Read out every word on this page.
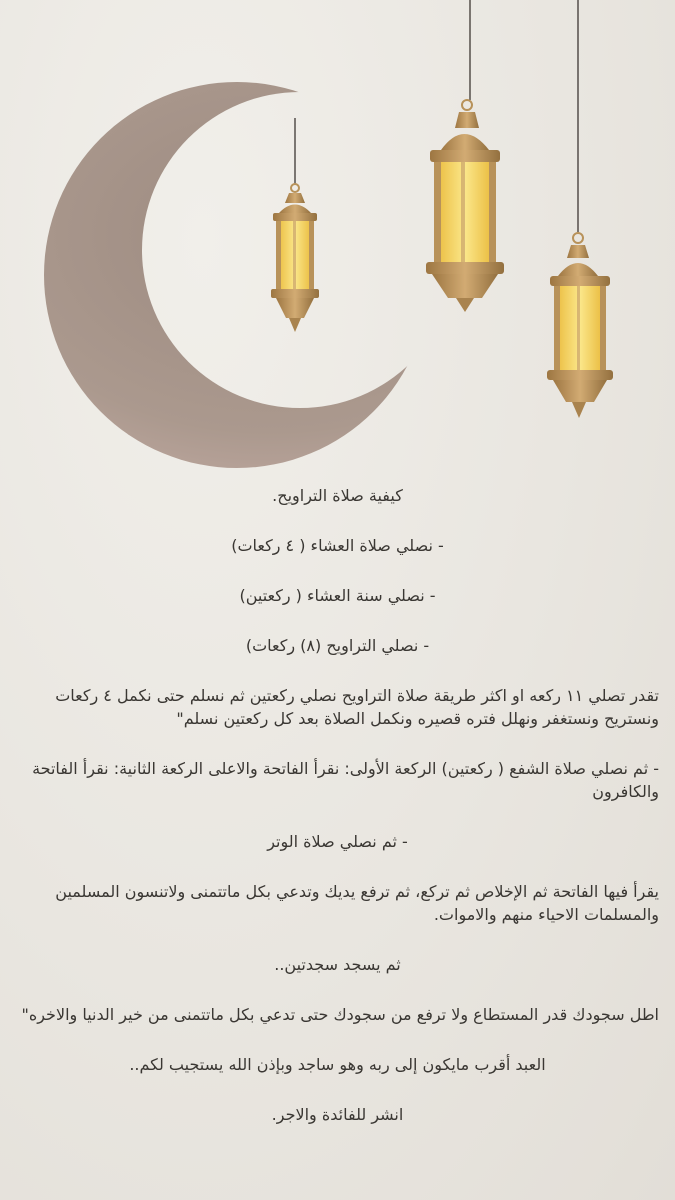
كيفية صلاة التراويح.
- نصلي صلاة العشاء ( ٤ ركعات)
- نصلي سنة العشاء ( ركعتين)
- نصلي التراويح (٨) ركعات)
تقدر تصلي ١١ ركعه او اكثر طريقة صلاة التراويح نصلي ركعتين ثم نسلم حتى نكمل ٤ ركعات ونستريح ونستغفر ونهلل فتره قصيره ونكمل الصلاة بعد كل ركعتين نسلم"
- ثم نصلي صلاة الشفع ( ركعتين) الركعة الأولى: نقرأ الفاتحة والاعلى الركعة الثانية: نقرأ الفاتحة والكافرون
- ثم نصلي صلاة الوتر
يقرأ فيها الفاتحة ثم الإخلاص ثم تركع، ثم ترفع يديك وتدعي بكل ماتتمنى ولاتنسون المسلمين والمسلمات الاحياء منهم والاموات.
ثم يسجد سجدتين..
اطل سجودك قدر المستطاع ولا ترفع من سجودك حتى تدعي بكل ماتتمنى من خير الدنيا والاخره"
العبد أقرب مايكون إلى ربه وهو ساجد وبإذن الله يستجيب لكم..
انشر للفائدة والاجر.
